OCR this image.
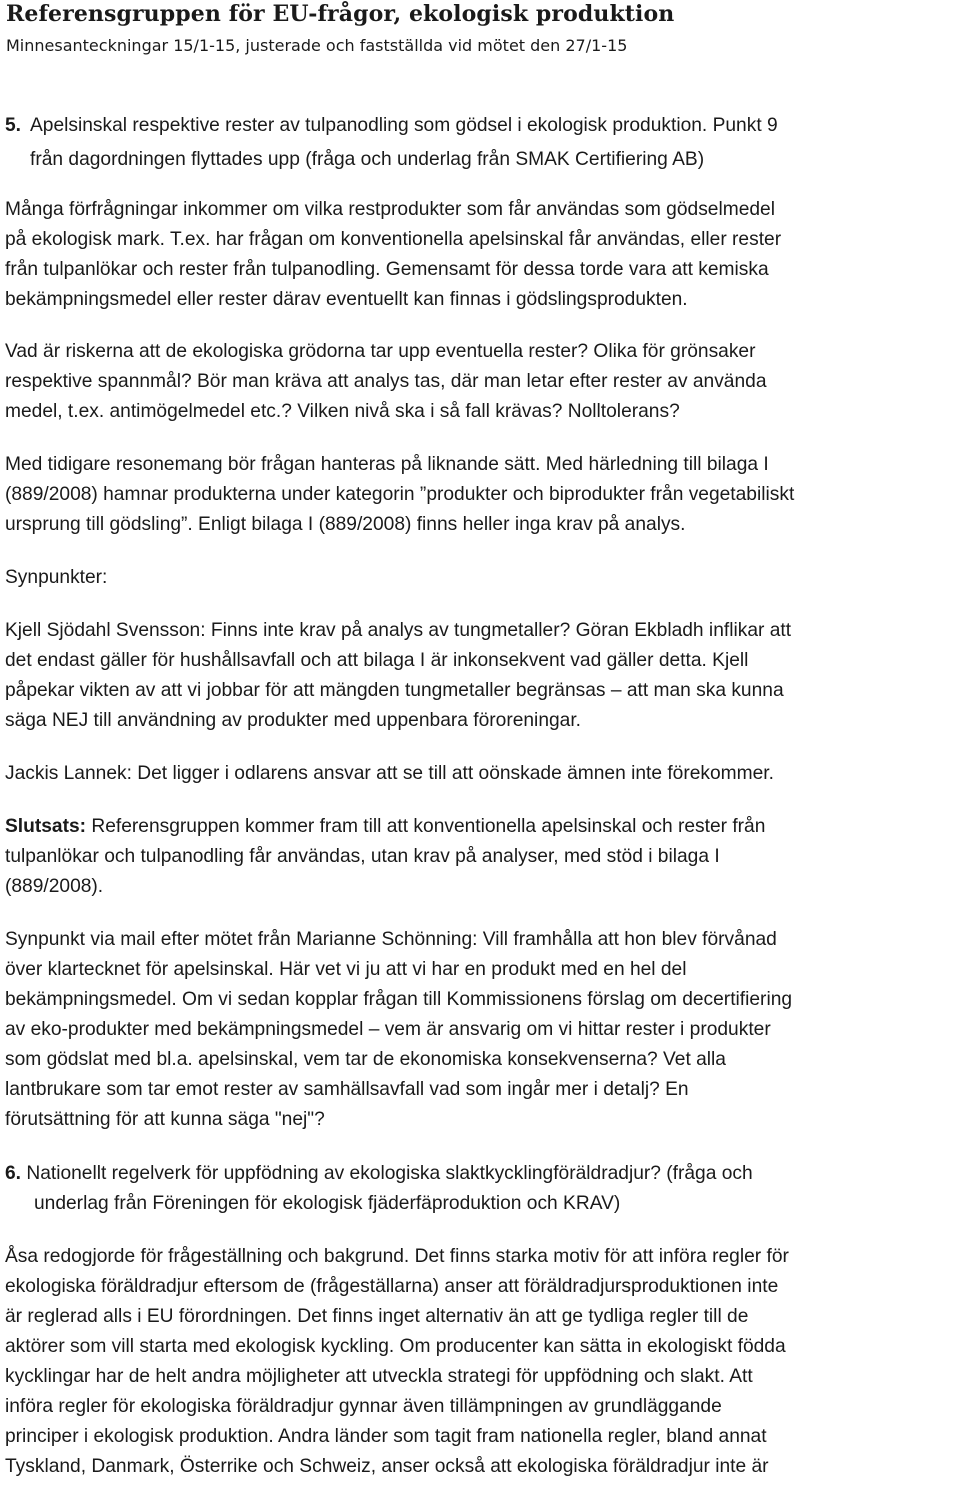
Referensgruppen för EU-frågor, ekologisk produktion
Minnesanteckningar 15/1-15, justerade och fastställda vid mötet den 27/1-15
5. Apelsinskal respektive rester av tulpanodling som gödsel i ekologisk produktion. Punkt 9
från dagordningen flyttades upp (fråga och underlag från SMAK Certifiering AB)
Många förfrågningar inkommer om vilka restprodukter som får användas som gödselmedel
på ekologisk mark. T.ex. har frågan om konventionella apelsinskal får användas, eller rester
från tulpanlökar och rester från tulpanodling. Gemensamt för dessa torde vara att kemiska
bekämpningsmedel eller rester därav eventuellt kan finnas i gödslingsprodukten.
Vad är riskerna att de ekologiska grödorna tar upp eventuella rester? Olika för grönsaker
respektive spannmål? Bör man kräva att analys tas, där man letar efter rester av använda
medel, t.ex. antimögelmedel etc.? Vilken nivå ska i så fall krävas? Nolltolerans?
Med tidigare resonemang bör frågan hanteras på liknande sätt. Med härledning till bilaga I
(889/2008) hamnar produkterna under kategorin ”produkter och biprodukter från vegetabiliskt
ursprung till gödsling”. Enligt bilaga I (889/2008) finns heller inga krav på analys.
Synpunkter:
Kjell Sjödahl Svensson: Finns inte krav på analys av tungmetaller? Göran Ekbladh inflikar att
det endast gäller för hushållsavfall och att bilaga I är inkonsekvent vad gäller detta. Kjell
påpekar vikten av att vi jobbar för att mängden tungmetaller begränsas – att man ska kunna
säga NEJ till användning av produkter med uppenbara föroreningar.
Jackis Lannek: Det ligger i odlarens ansvar att se till att oönskade ämnen inte förekommer.
Slutsats: Referensgruppen kommer fram till att konventionella apelsinskal och rester från
tulpanlökar och tulpanodling får användas, utan krav på analyser, med stöd i bilaga I
(889/2008).
Synpunkt via mail efter mötet från Marianne Schönning: Vill framhålla att hon blev förvånad
över klartecknet för apelsinskal. Här vet vi ju att vi har en produkt med en hel del
bekämpningsmedel. Om vi sedan kopplar frågan till Kommissionens förslag om decertifiering
av eko-produkter med bekämpningsmedel – vem är ansvarig om vi hittar rester i produkter
som gödslat med bl.a. apelsinskal, vem tar de ekonomiska konsekvenserna? Vet alla
lantbrukare som tar emot rester av samhällsavfall vad som ingår mer i detalj? En
förutsättning för att kunna säga "nej"?
6. Nationellt regelverk för uppfödning av ekologiska slaktkycklingföräldradjur? (fråga och
underlag från Föreningen för ekologisk fjäderfäproduktion och KRAV)
Åsa redogjorde för frågeställning och bakgrund. Det finns starka motiv för att införa regler för
ekologiska föräldradjur eftersom de (frågeställarna) anser att föräldradjursproduktionen inte
är reglerad alls i EU förordningen. Det finns inget alternativ än att ge tydliga regler till de
aktörer som vill starta med ekologisk kyckling. Om producenter kan sätta in ekologiskt födda
kycklingar har de helt andra möjligheter att utveckla strategi för uppfödning och slakt. Att
införa regler för ekologiska föräldradjur gynnar även tillämpningen av grundläggande
principer i ekologisk produktion. Andra länder som tagit fram nationella regler, bland annat
Tyskland, Danmark, Österrike och Schweiz, anser också att ekologiska föräldradjur inte är
